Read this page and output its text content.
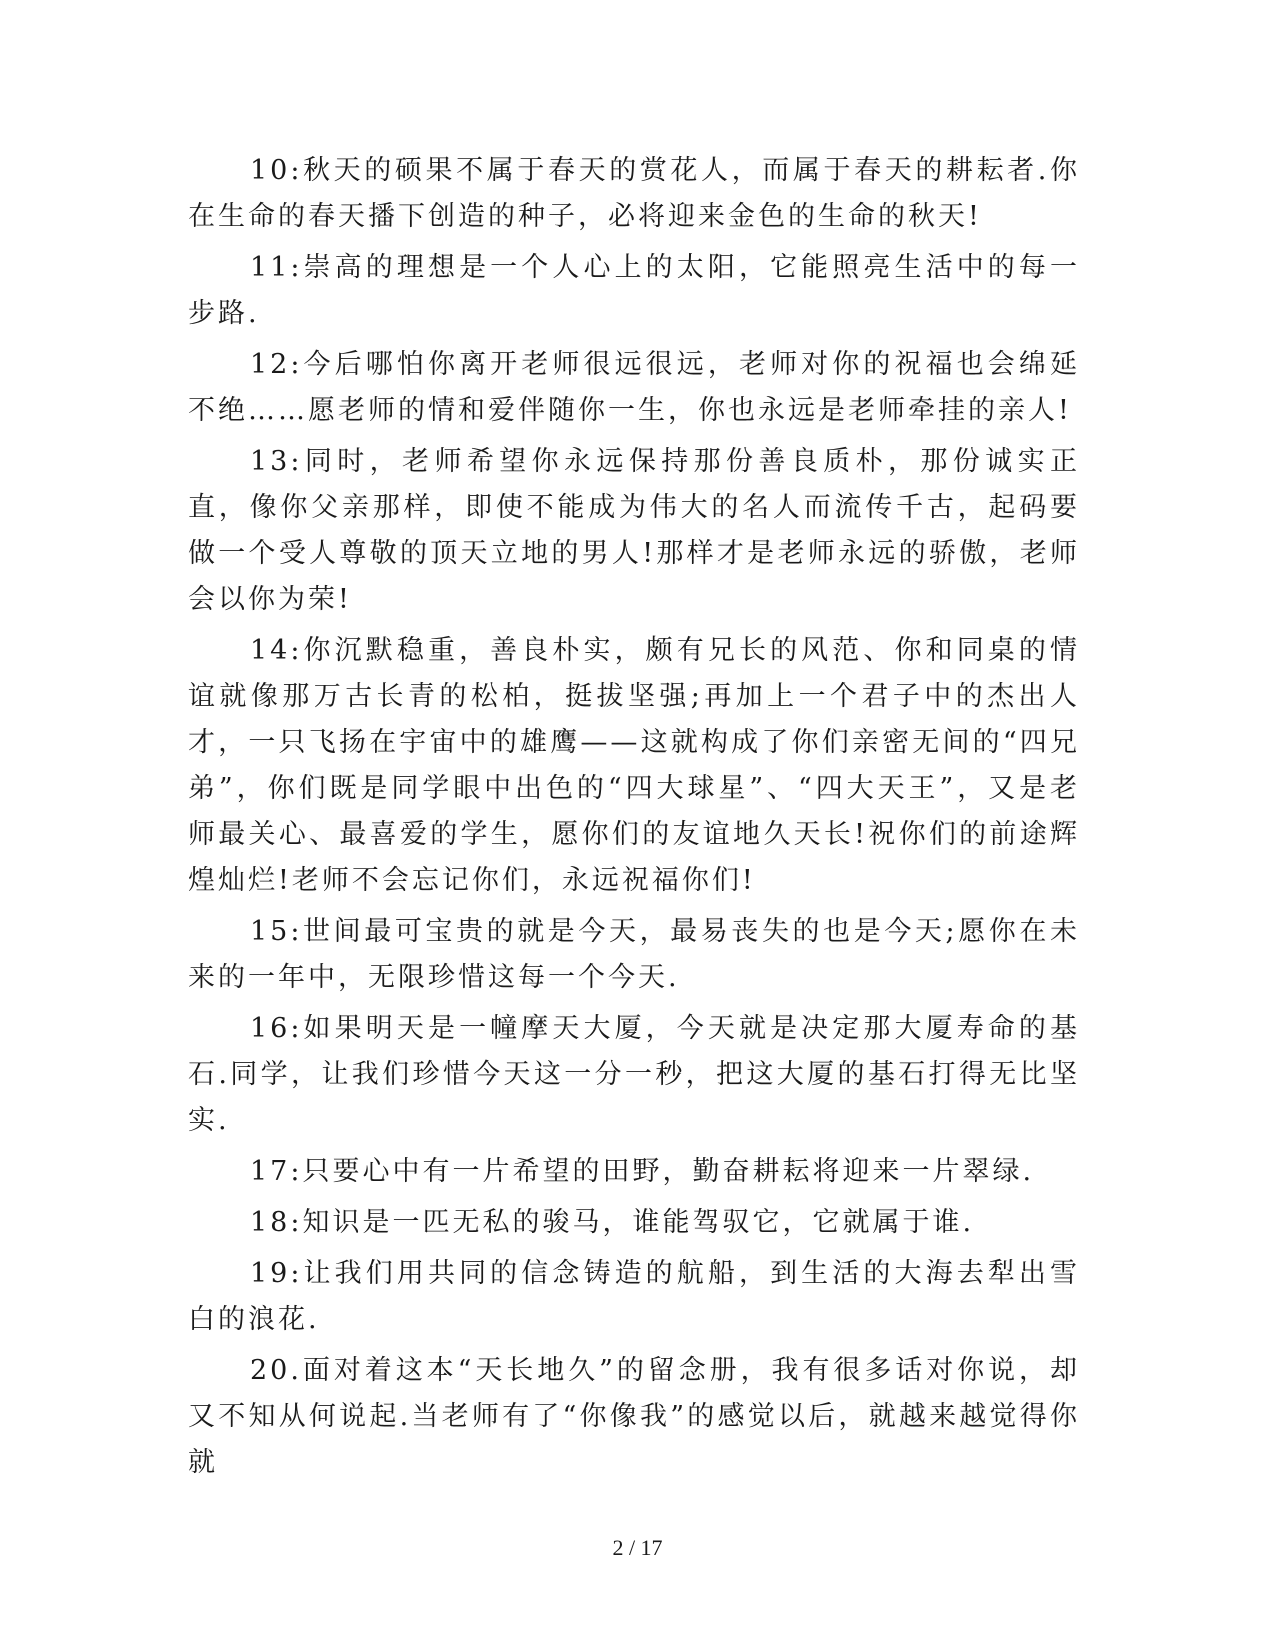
10:秋天的硕果不属于春天的赏花人，而属于春天的耕耘者.你在生命的春天播下创造的种子，必将迎来金色的生命的秋天!

11:崇高的理想是一个人心上的太阳，它能照亮生活中的每一步路.

12:今后哪怕你离开老师很远很远，老师对你的祝福也会绵延不绝……愿老师的情和爱伴随你一生，你也永远是老师牵挂的亲人!

13:同时，老师希望你永远保持那份善良质朴，那份诚实正直，像你父亲那样，即使不能成为伟大的名人而流传千古，起码要做一个受人尊敬的顶天立地的男人!那样才是老师永远的骄傲，老师会以你为荣!

14:你沉默稳重，善良朴实，颇有兄长的风范、你和同桌的情谊就像那万古长青的松柏，挺拔坚强;再加上一个君子中的杰出人才，一只飞扬在宇宙中的雄鹰——这就构成了你们亲密无间的“四兄弟”，你们既是同学眼中出色的“四大球星”、“四大天王”，又是老师最关心、最喜爱的学生，愿你们的友谊地久天长!祝你们的前途辉煌灿烂!老师不会忘记你们，永远祝福你们!

15:世间最可宝贵的就是今天，最易丧失的也是今天;愿你在未来的一年中，无限珍惜这每一个今天.

16:如果明天是一幢摩天大厦，今天就是决定那大厦寿命的基石.同学，让我们珍惜今天这一分一秒，把这大厦的基石打得无比坚实.

17:只要心中有一片希望的田野，勤奋耕耘将迎来一片翠绿.

18:知识是一匹无私的骏马，谁能驾驭它，它就属于谁.

19:让我们用共同的信念铸造的航船，到生活的大海去犁出雪白的浪花.

20.面对着这本“天长地久”的留念册，我有很多话对你说，却又不知从何说起.当老师有了“你像我”的感觉以后，就越来越觉得你就

2 / 17
